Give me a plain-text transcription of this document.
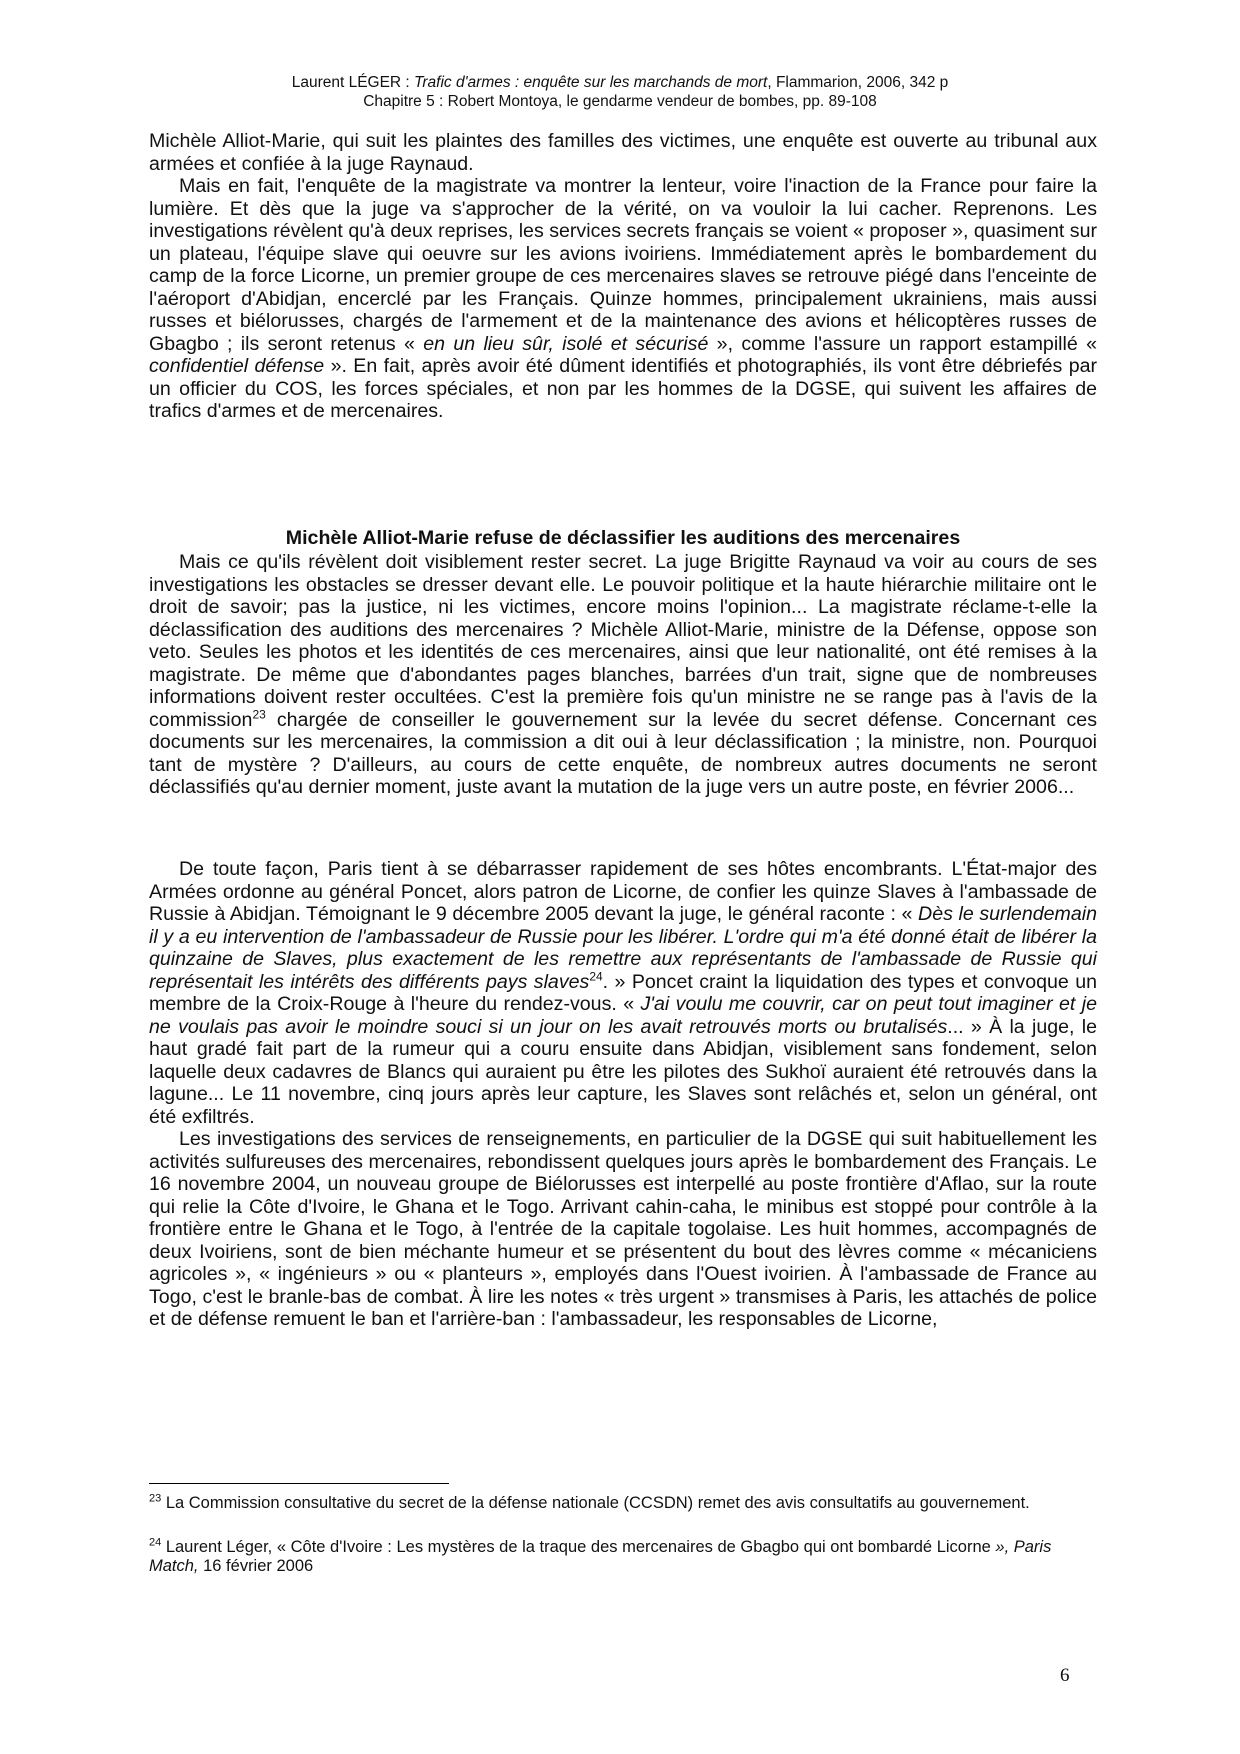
Laurent LÉGER : Trafic d'armes : enquête sur les marchands de mort, Flammarion, 2006, 342 p
Chapitre 5 : Robert Montoya, le gendarme vendeur de bombes, pp. 89-108

Michèle Alliot-Marie, qui suit les plaintes des familles des victimes, une enquête est ouverte au tribunal aux armées et confiée à la juge Raynaud.

Mais en fait, l'enquête de la magistrate va montrer la lenteur, voire l'inaction de la France pour faire la lumière. Et dès que la juge va s'approcher de la vérité, on va vouloir la lui cacher. Reprenons. Les investigations révèlent qu'à deux reprises, les services secrets français se voient « proposer », quasiment sur un plateau, l'équipe slave qui oeuvre sur les avions ivoiriens. Immédiatement après le bombardement du camp de la force Licorne, un premier groupe de ces mercenaires slaves se retrouve piégé dans l'enceinte de l'aéroport d'Abidjan, encerclé par les Français. Quinze hommes, principalement ukrainiens, mais aussi russes et biélorusses, chargés de l'armement et de la maintenance des avions et hélicoptères russes de Gbagbo ; ils seront retenus « en un lieu sûr, isolé et sécurisé », comme l'assure un rapport estampillé « confidentiel défense ». En fait, après avoir été dûment identifiés et photographiés, ils vont être débriefés par un officier du COS, les forces spéciales, et non par les hommes de la DGSE, qui suivent les affaires de trafics d'armes et de mercenaires.

Michèle Alliot-Marie refuse de déclassifier les auditions des mercenaires

Mais ce qu'ils révèlent doit visiblement rester secret. La juge Brigitte Raynaud va voir au cours de ses investigations les obstacles se dresser devant elle. Le pouvoir politique et la haute hiérarchie militaire ont le droit de savoir; pas la justice, ni les victimes, encore moins l'opinion... La magistrate réclame-t-elle la déclassification des auditions des mercenaires ? Michèle Alliot-Marie, ministre de la Défense, oppose son veto. Seules les photos et les identités de ces mercenaires, ainsi que leur nationalité, ont été remises à la magistrate. De même que d'abondantes pages blanches, barrées d'un trait, signe que de nombreuses informations doivent rester occultées. C'est la première fois qu'un ministre ne se range pas à l'avis de la commission$^{23}$ chargée de conseiller le gouvernement sur la levée du secret défense. Concernant ces documents sur les mercenaires, la commission a dit oui à leur déclassification ; la ministre, non. Pourquoi tant de mystère ? D'ailleurs, au cours de cette enquête, de nombreux autres documents ne seront déclassifiés qu'au dernier moment, juste avant la mutation de la juge vers un autre poste, en février 2006...

De toute façon, Paris tient à se débarrasser rapidement de ses hôtes encombrants. L'État-major des Armées ordonne au général Poncet, alors patron de Licorne, de confier les quinze Slaves à l'ambassade de Russie à Abidjan. Témoignant le 9 décembre 2005 devant la juge, le général raconte : « Dès le surlendemain il y a eu intervention de l'ambassadeur de Russie pour les libérer. L'ordre qui m'a été donné était de libérer la quinzaine de Slaves, plus exactement de les remettre aux représentants de l'ambassade de Russie qui représentait les intérêts des différents pays slaves$^{24}$. » Poncet craint la liquidation des types et convoque un membre de la Croix-Rouge à l'heure du rendez-vous. « J'ai voulu me couvrir, car on peut tout imaginer et je ne voulais pas avoir le moindre souci si un jour on les avait retrouvés morts ou brutalisés... » À la juge, le haut gradé fait part de la rumeur qui a couru ensuite dans Abidjan, visiblement sans fondement, selon laquelle deux cadavres de Blancs qui auraient pu être les pilotes des Sukhoï auraient été retrouvés dans la lagune... Le 11 novembre, cinq jours après leur capture, les Slaves sont relâchés et, selon un général, ont été exfiltrés.

Les investigations des services de renseignements, en particulier de la DGSE qui suit habituellement les activités sulfureuses des mercenaires, rebondissent quelques jours après le bombardement des Français. Le 16 novembre 2004, un nouveau groupe de Biélorusses est interpellé au poste frontière d'Aflao, sur la route qui relie la Côte d'Ivoire, le Ghana et le Togo. Arrivant cahin-caha, le minibus est stoppé pour contrôle à la frontière entre le Ghana et le Togo, à l'entrée de la capitale togolaise. Les huit hommes, accompagnés de deux Ivoiriens, sont de bien méchante humeur et se présentent du bout des lèvres comme « mécaniciens agricoles », « ingénieurs » ou « planteurs », employés dans l'Ouest ivoirien. À l'ambassade de France au Togo, c'est le branle-bas de combat. À lire les notes « très urgent » transmises à Paris, les attachés de police et de défense remuent le ban et l'arrière-ban : l'ambassadeur, les responsables de Licorne,

$^{23}$ La Commission consultative du secret de la défense nationale (CCSDN) remet des avis consultatifs au gouvernement.
$^{24}$ Laurent Léger, « Côte d'Ivoire : Les mystères de la traque des mercenaires de Gbagbo qui ont bombardé Licorne », Paris Match, 16 février 2006
6
